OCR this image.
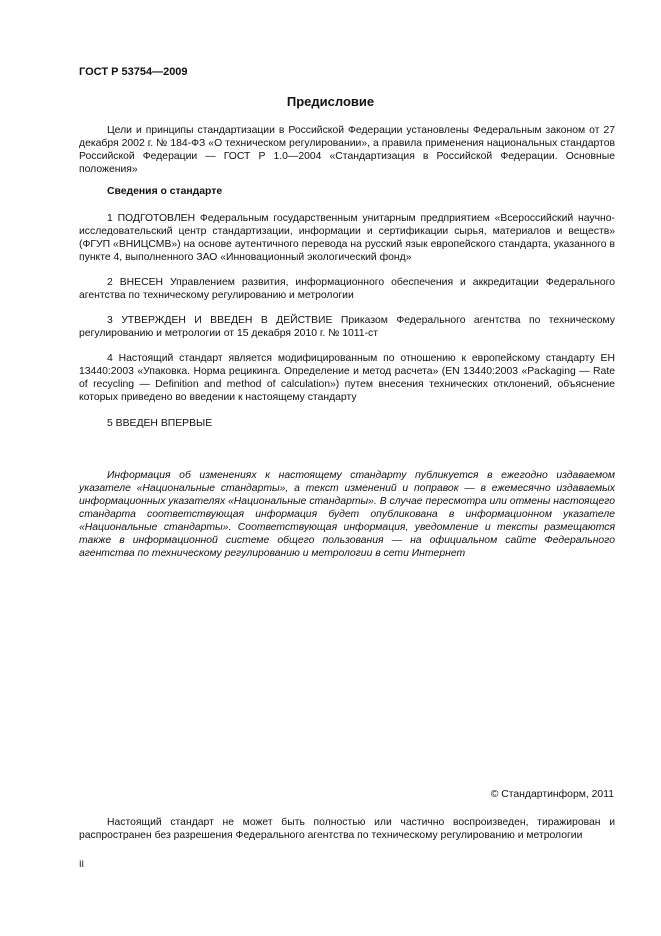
ГОСТ Р 53754—2009
Предисловие

Цели и принципы стандартизации в Российской Федерации установлены Федеральным законом от 27 декабря 2002 г. № 184-ФЗ «О техническом регулировании», а правила применения национальных стандартов Российской Федерации — ГОСТ Р 1.0—2004 «Стандартизация в Российской Федерации. Основные положения»

Сведения о стандарте

1 ПОДГОТОВЛЕН Федеральным государственным унитарным предприятием «Всероссийский научно-исследовательский центр стандартизации, информации и сертификации сырья, материалов и веществ» (ФГУП «ВНИЦСМВ») на основе аутентичного перевода на русский язык европейского стандарта, указанного в пункте 4, выполненного ЗАО «Инновационный экологический фонд»

2 ВНЕСЕН Управлением развития, информационного обеспечения и аккредитации Федерального агентства по техническому регулированию и метрологии

3 УТВЕРЖДЕН И ВВЕДЕН В ДЕЙСТВИЕ Приказом Федерального агентства по техническому регулированию и метрологии от 15 декабря 2010 г. № 1011-ст

4 Настоящий стандарт является модифицированным по отношению к европейскому стандарту ЕН 13440:2003 «Упаковка. Норма рецикинга. Определение и метод расчета» (EN 13440:2003 «Packaging — Rate of recycling — Definition and method of calculation») путем внесения технических отклонений, объяснение которых приведено во введении к настоящему стандарту

5 ВВЕДЕН ВПЕРВЫЕ

Информация об изменениях к настоящему стандарту публикуется в ежегодно издаваемом указателе «Национальные стандарты», а текст изменений и поправок — в ежемесячно издаваемых информационных указателях «Национальные стандарты». В случае пересмотра или отмены настоящего стандарта соответствующая информация будет опубликована в информационном указателе «Национальные стандарты». Соответствующая информация, уведомление и тексты размещаются также в информационной системе общего пользования — на официальном сайте Федерального агентства по техническому регулированию и метрологии в сети Интернет

© Стандартинформ, 2011

Настоящий стандарт не может быть полностью или частично воспроизведен, тиражирован и распространен без разрешения Федерального агентства по техническому регулированию и метрологии

II
